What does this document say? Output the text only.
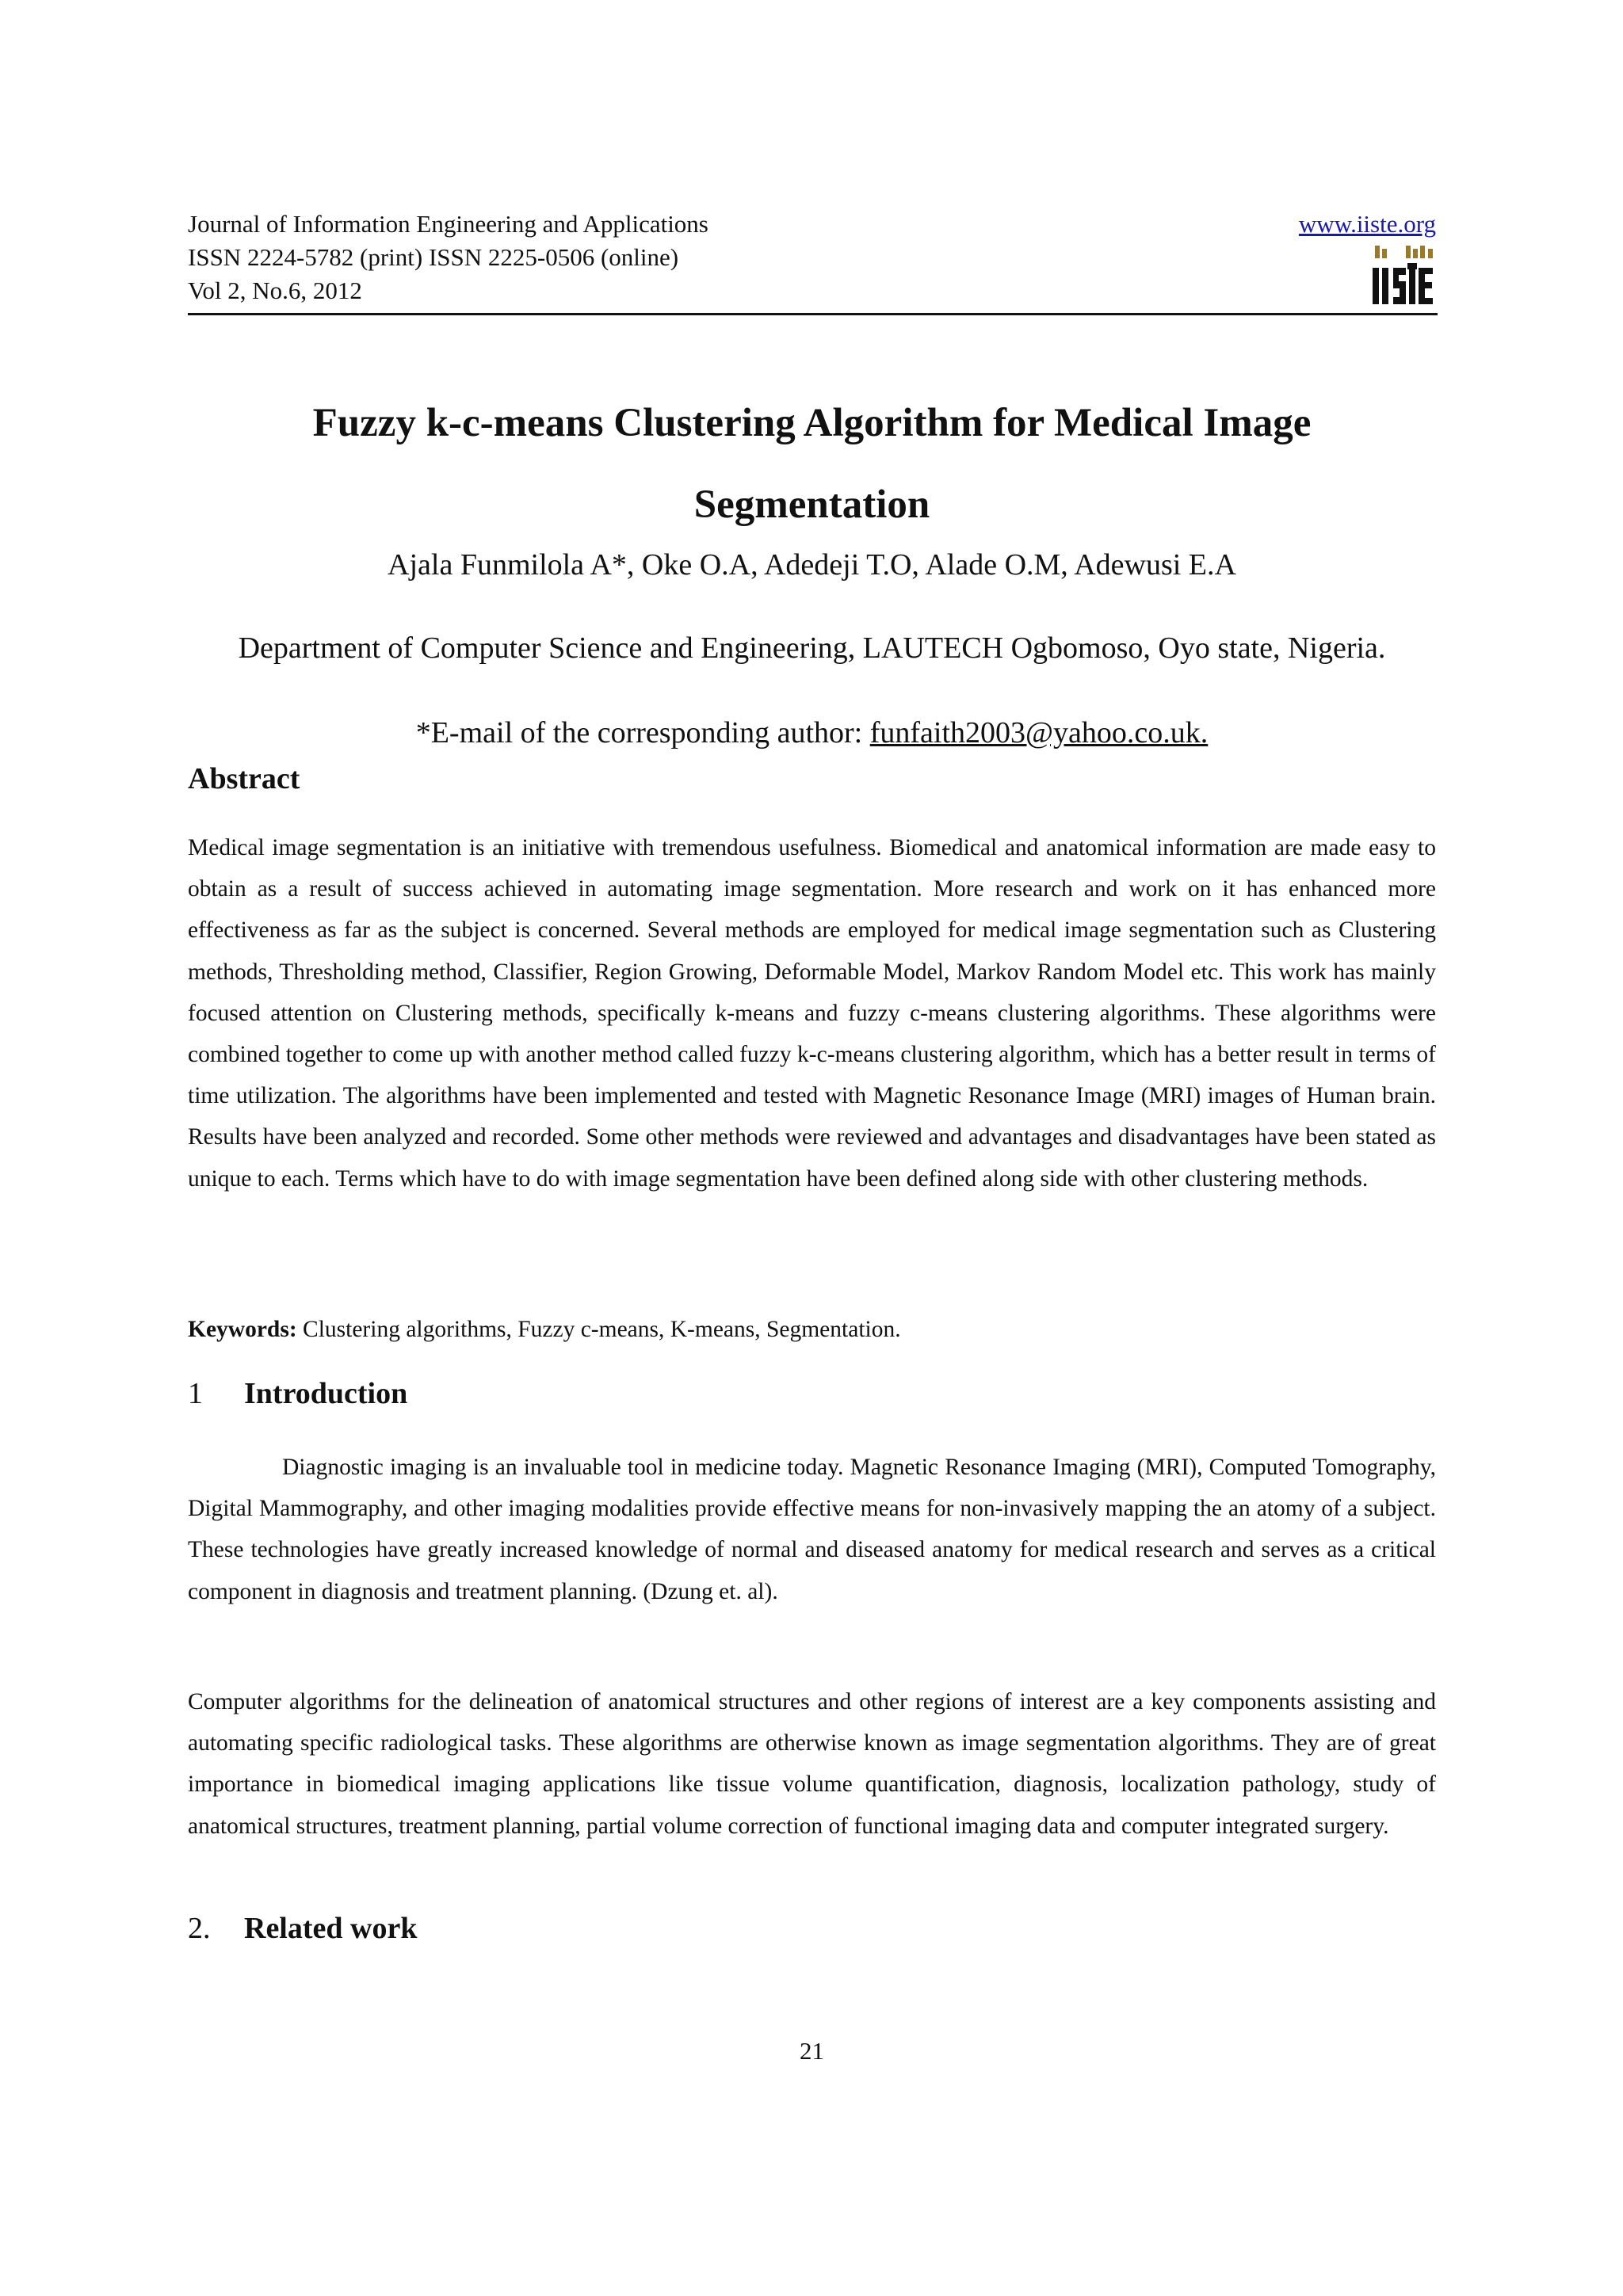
Journal of Information Engineering and Applications
ISSN 2224-5782 (print) ISSN 2225-0506 (online)
Vol 2, No.6, 2012
www.iiste.org
Fuzzy k-c-means Clustering Algorithm for Medical Image
Segmentation
Ajala Funmilola A*, Oke O.A, Adedeji T.O, Alade O.M, Adewusi E.A
Department of Computer Science and Engineering, LAUTECH Ogbomoso, Oyo state, Nigeria.
*E-mail of the corresponding author: funfaith2003@yahoo.co.uk.
Abstract

Medical image segmentation is an initiative with tremendous usefulness. Biomedical and anatomical information are made easy to obtain as a result of success achieved in automating image segmentation. More research and work on it has enhanced more effectiveness as far as the subject is concerned. Several methods are employed for medical image segmentation such as Clustering methods, Thresholding method, Classifier, Region Growing, Deformable Model, Markov Random Model etc. This work has mainly focused attention on Clustering methods, specifically k-means and fuzzy c-means clustering algorithms. These algorithms were combined together to come up with another method called fuzzy k-c-means clustering algorithm, which has a better result in terms of time utilization. The algorithms have been implemented and tested with Magnetic Resonance Image (MRI) images of Human brain. Results have been analyzed and recorded. Some other methods were reviewed and advantages and disadvantages have been stated as unique to each. Terms which have to do with image segmentation have been defined along side with other clustering methods.

Keywords: Clustering algorithms, Fuzzy c-means, K-means, Segmentation.

1 Introduction

Diagnostic imaging is an invaluable tool in medicine today. Magnetic Resonance Imaging (MRI), Computed Tomography, Digital Mammography, and other imaging modalities provide effective means for non-invasively mapping the an atomy of a subject. These technologies have greatly increased knowledge of normal and diseased anatomy for medical research and serves as a critical component in diagnosis and treatment planning. (Dzung et. al).

Computer algorithms for the delineation of anatomical structures and other regions of interest are a key components assisting and automating specific radiological tasks. These algorithms are otherwise known as image segmentation algorithms. They are of great importance in biomedical imaging applications like tissue volume quantification, diagnosis, localization pathology, study of anatomical structures, treatment planning, partial volume correction of functional imaging data and computer integrated surgery.

2. Related work
21
